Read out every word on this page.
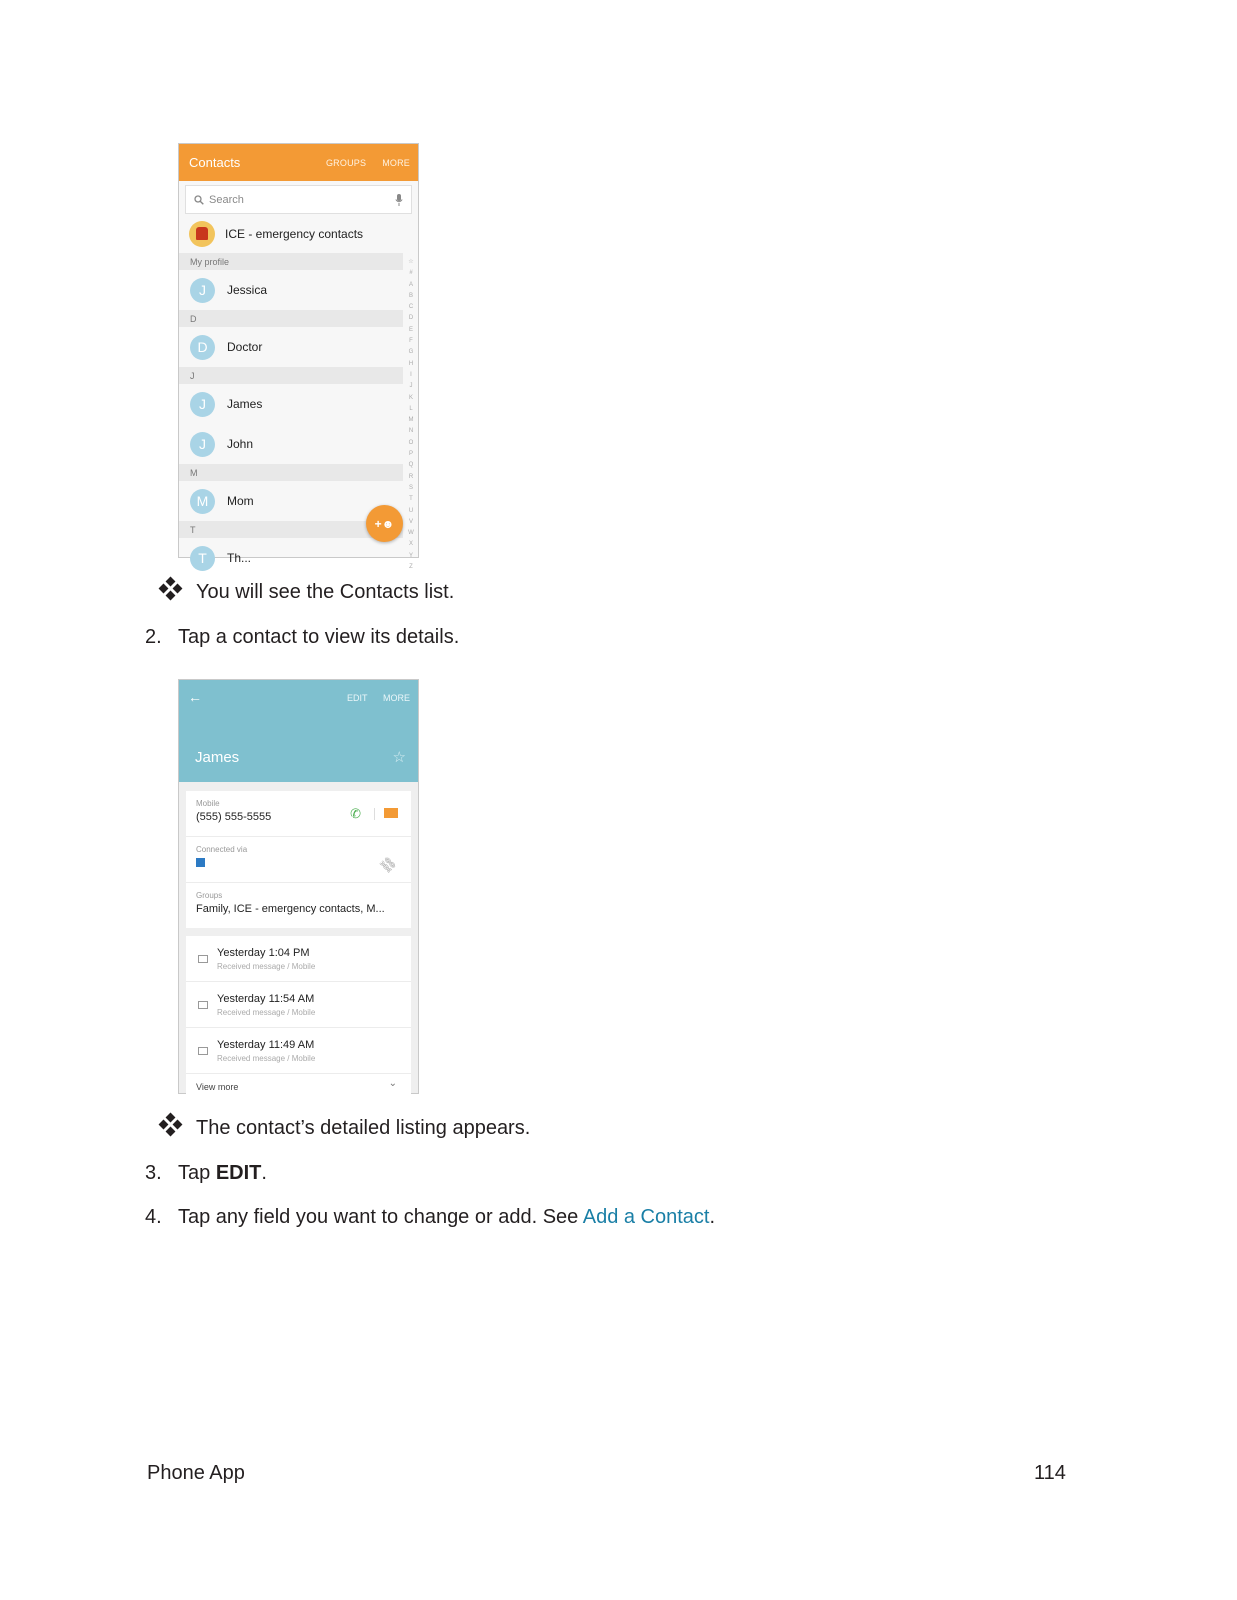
Contacts	GROUPS MORE
Search
ICE - emergency contacts
My profile
J	Jessica
D
D	Doctor
J
J	James
J	John
M
M	Mom
T
T	Th...
☆
#
A
B
C
D
E
F
G
H
I
J
K
L
M
N
O
P
Q
R
S
T
U
V
W
X
Y
Z
+☻
You will see the Contacts list.
2. Tap a contact to view its details.
←	EDIT MORE
James	☆
Mobile
(555) 555-5555	✆
Connected via
⛓
Groups
Family, ICE - emergency contacts, M...
Yesterday 1:04 PM
Received message / Mobile
Yesterday 11:54 AM
Received message / Mobile
Yesterday 11:49 AM
Received message / Mobile
View more	⌄
The contact’s detailed listing appears.
3. Tap EDIT.
4. Tap any field you want to change or add. See Add a Contact.
Phone App	114
